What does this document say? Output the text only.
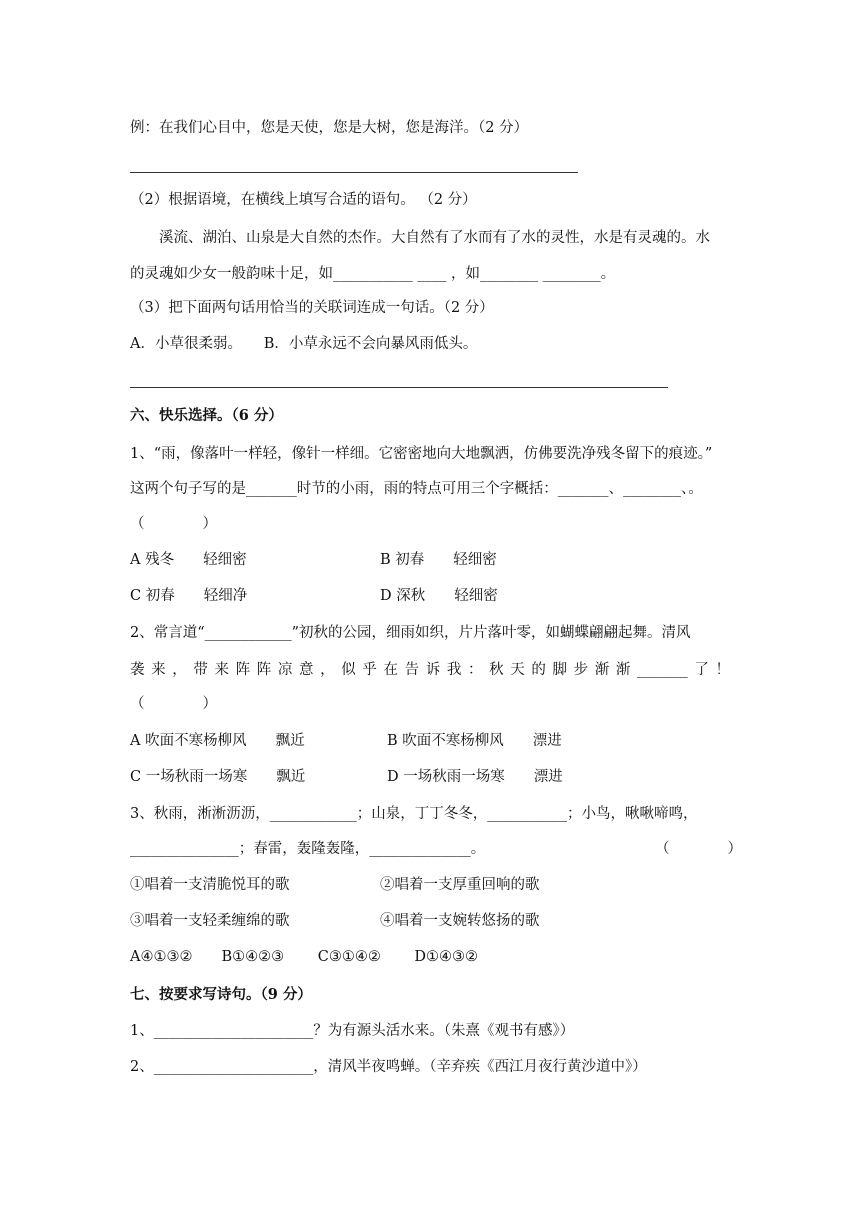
例：在我们心目中，您是天使，您是大树，您是海洋。（2 分）
（2）根据语境，在横线上填写合适的语句。 （2 分）
　　溪流、湖泊、山泉是大自然的杰作。大自然有了水而有了水的灵性，水是有灵魂的。水
的灵魂如少女一般韵味十足，如___________ ____ ，如________ ________。
（3）把下面两句话用恰当的关联词连成一句话。（2 分）
A．小草很柔弱。　　B．小草永远不会向暴风雨低头。
六、快乐选择。（6 分）
1、“雨，像落叶一样轻，像针一样细。它密密地向大地飘洒，仿佛要洗净残冬留下的痕迹。”
这两个句子写的是_______时节的小雨，雨的特点可用三个字概括：_______、________、。
（　　　　）
A 残冬　　轻细密	B 初春　　轻细密
C 初春　　轻细净	D 深秋　　轻细密
2、常言道“____________”初秋的公园，细雨如织，片片落叶零，如蝴蝶翩翩起舞。清风
袭 来 ， 带 来 阵 阵 凉 意 ， 似 乎 在 告 诉 我 ： 秋 天 的 脚 步 渐 渐 _______ 了 ！
（　　　　）
A 吹面不寒杨柳风　　飘近	B 吹面不寒杨柳风　　漂进
C 一场秋雨一场寒　　飘近	D 一场秋雨一场寒　　漂进
3、秋雨，淅淅沥沥，____________；山泉，丁丁冬冬，___________；小鸟，啾啾啼鸣，
_______________；春雷，轰隆轰隆，______________。	（　　　　）
①唱着一支清脆悦耳的歌	②唱着一支厚重回响的歌
③唱着一支轻柔缠绵的歌	④唱着一支婉转悠扬的歌
A④①③②　　B①④②③　　 C③①④②　　 D①④③②
七、按要求写诗句。（9 分）
1、______________________？为有源头活水来。（朱熹《观书有感》）
2、______________________，清风半夜鸣蝉。（辛弃疾《西江月夜行黄沙道中》）
